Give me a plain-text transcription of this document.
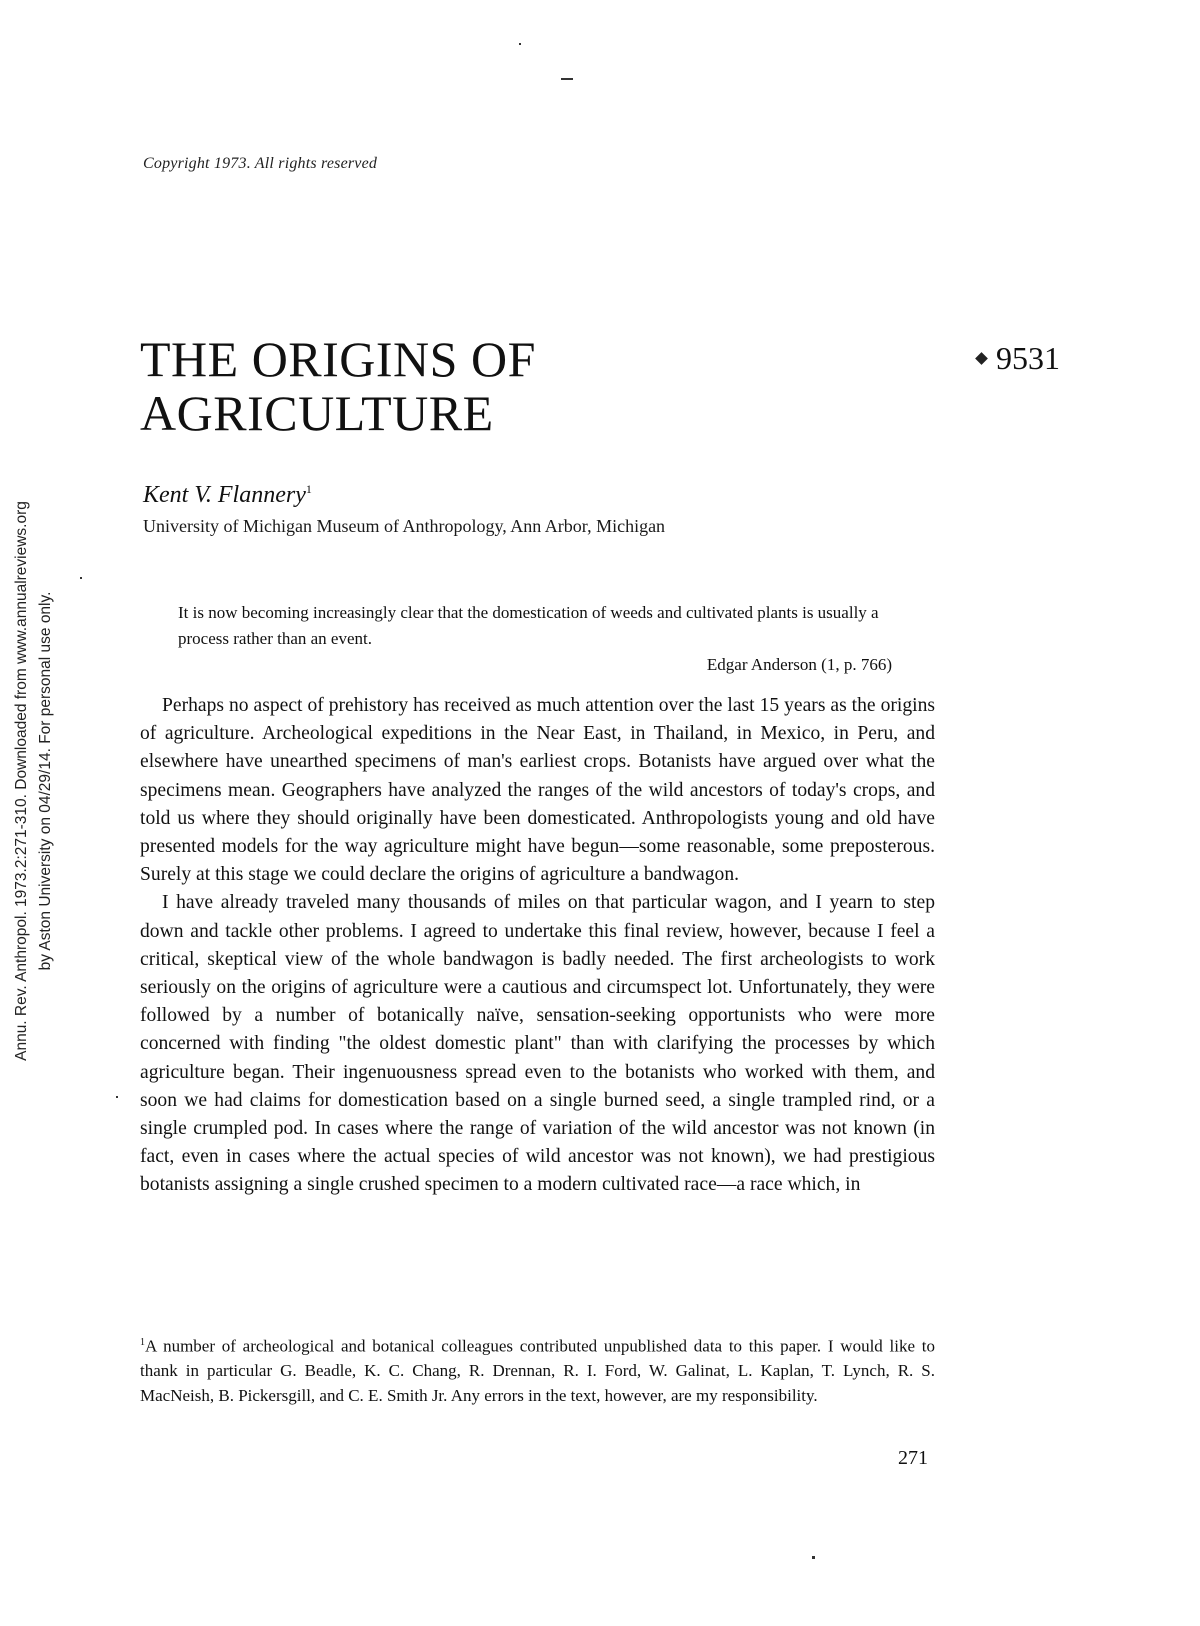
Annu. Rev. Anthropol. 1973.2:271-310. Downloaded from www.annualreviews.org by Aston University on 04/29/14. For personal use only.
Copyright 1973. All rights reserved
THE ORIGINS OF AGRICULTURE
9531
Kent V. Flannery$^1$
University of Michigan Museum of Anthropology, Ann Arbor, Michigan

It is now becoming increasingly clear that the domestication of weeds and cultivated plants is usually a process rather than an event.

Edgar Anderson (1, p. 766)

Perhaps no aspect of prehistory has received as much attention over the last 15 years as the origins of agriculture. Archeological expeditions in the Near East, in Thailand, in Mexico, in Peru, and elsewhere have unearthed specimens of man's earliest crops. Botanists have argued over what the specimens mean. Geographers have analyzed the ranges of the wild ancestors of today's crops, and told us where they should originally have been domesticated. Anthropologists young and old have presented models for the way agriculture might have begun—some reasonable, some preposterous. Surely at this stage we could declare the origins of agriculture a bandwagon.

I have already traveled many thousands of miles on that particular wagon, and I yearn to step down and tackle other problems. I agreed to undertake this final review, however, because I feel a critical, skeptical view of the whole bandwagon is badly needed. The first archeologists to work seriously on the origins of agriculture were a cautious and circumspect lot. Unfortunately, they were followed by a number of botanically naïve, sensation-seeking opportunists who were more concerned with finding "the oldest domestic plant" than with clarifying the processes by which agriculture began. Their ingenuousness spread even to the botanists who worked with them, and soon we had claims for domestication based on a single burned seed, a single trampled rind, or a single crumpled pod. In cases where the range of variation of the wild ancestor was not known (in fact, even in cases where the actual species of wild ancestor was not known), we had prestigious botanists assigning a single crushed specimen to a modern cultivated race—a race which, in

$^1$A number of archeological and botanical colleagues contributed unpublished data to this paper. I would like to thank in particular G. Beadle, K. C. Chang, R. Drennan, R. I. Ford, W. Galinat, L. Kaplan, T. Lynch, R. S. MacNeish, B. Pickersgill, and C. E. Smith Jr. Any errors in the text, however, are my responsibility.

271
